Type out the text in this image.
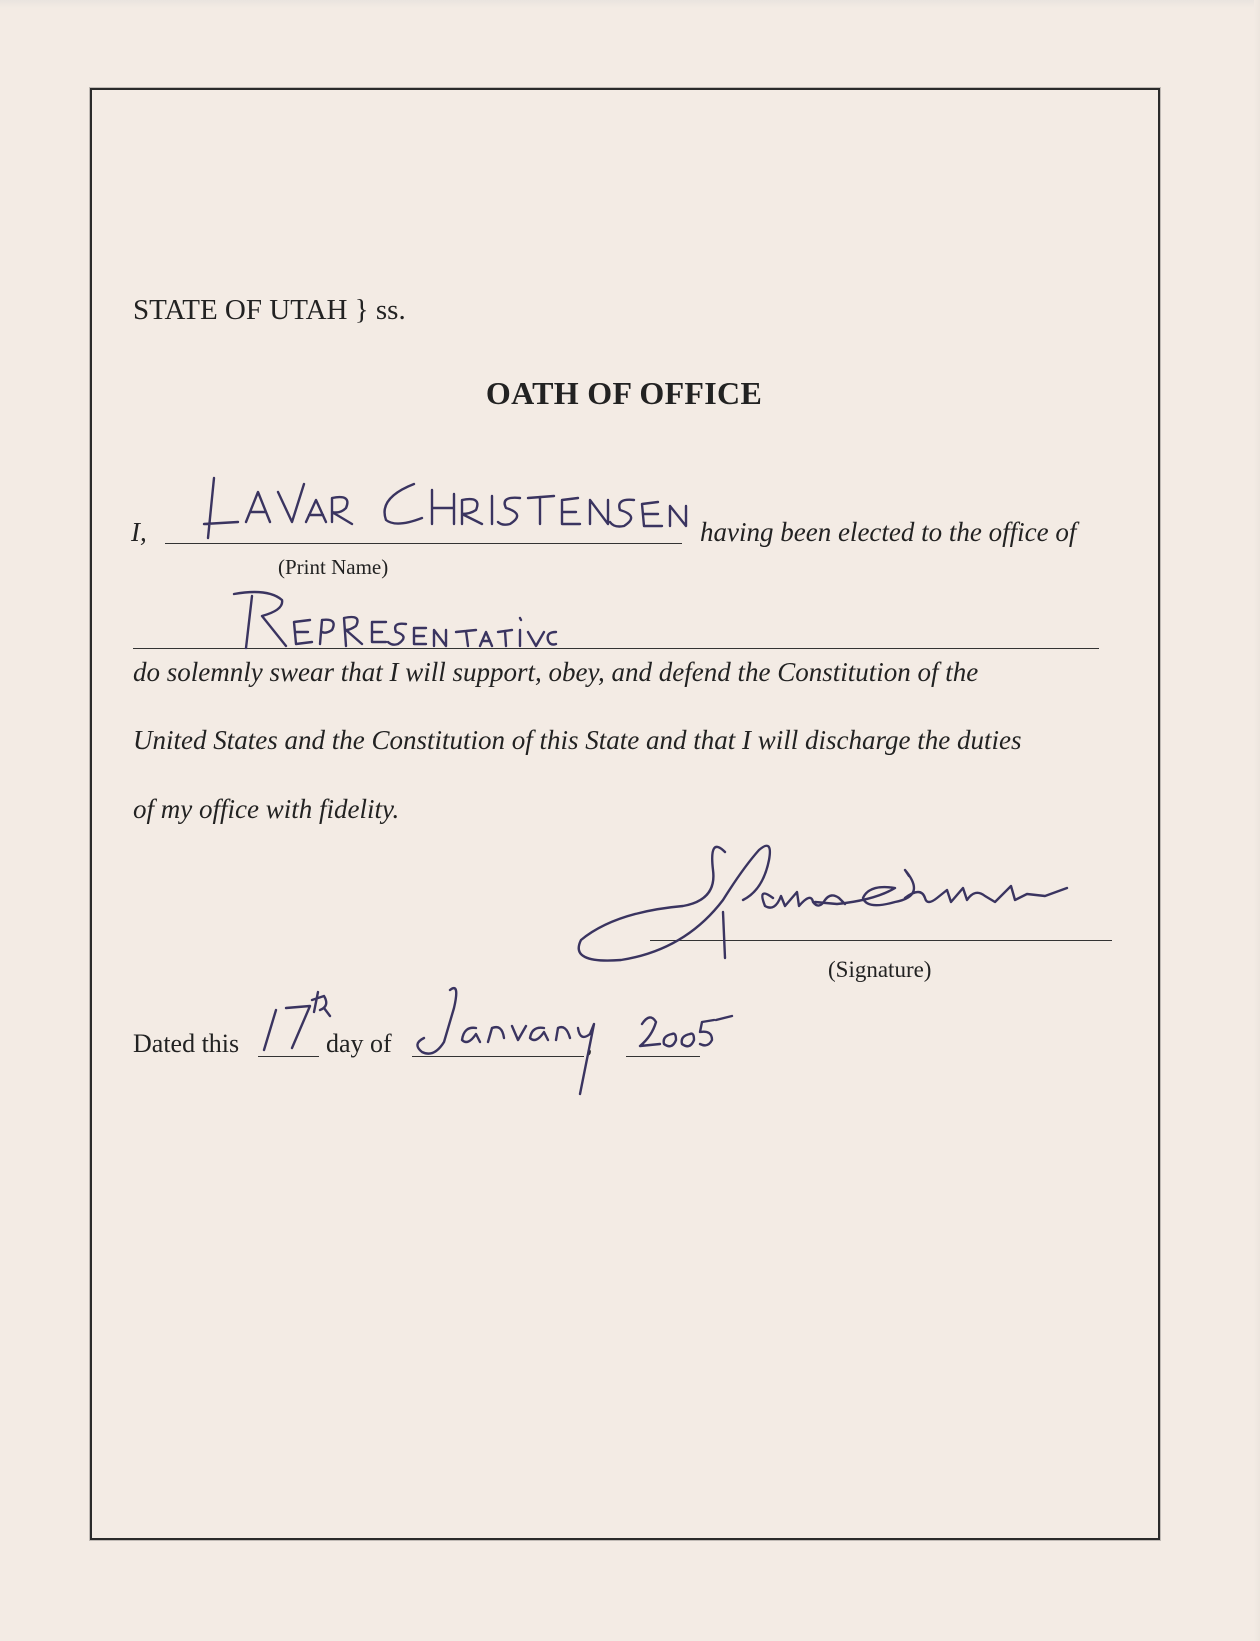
STATE OF UTAH } ss.
OATH OF OFFICE
I,	having been elected to the office of
(Print Name)
do solemnly swear that I will support, obey, and defend the Constitution of the
United States and the Constitution of this State and that I will discharge the duties
of my office with fidelity.
(Signature)
Dated this	day of	,
